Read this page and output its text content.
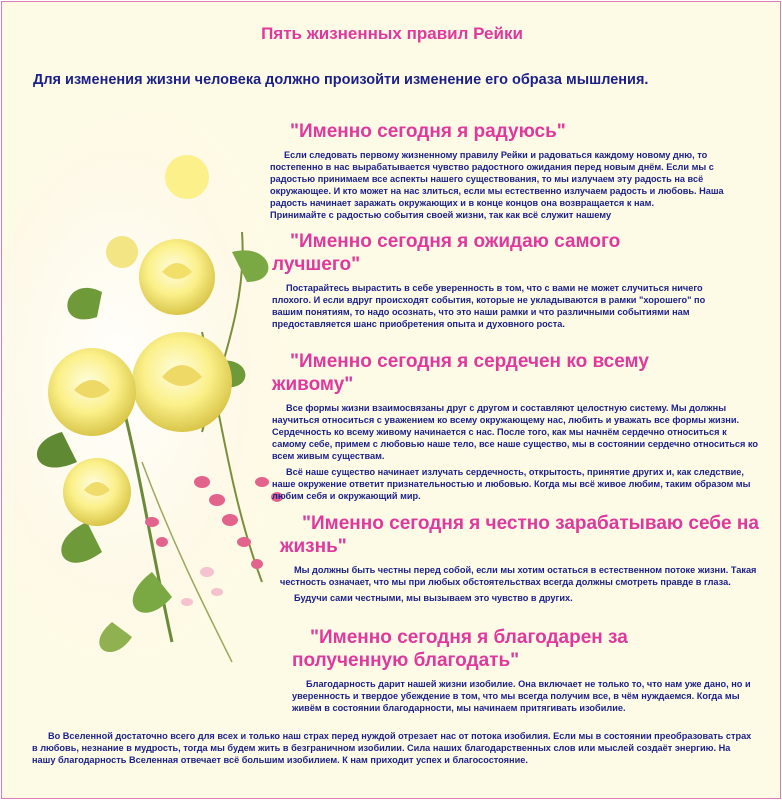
Пять жизненных правил Рейки
Для изменения жизни человека должно произойти изменение его образа мышления.
"Именно сегодня я радуюсь"

Если следовать первому жизненному правилу Рейки и радоваться каждому новому дню, то постепенно в нас вырабатывается чувство радостного ожидания перед новым днём. Если мы с радостью принимаем все аспекты нашего существования, то мы излучаем эту радость на всё окружающее. И кто может на нас злиться, если мы естественно излучаем радость и любовь. Наша радость начинает заражать окружающих и в конце концов она возвращается к нам.

Принимайте с радостью события своей жизни, так как всё служит нашему

"Именно сегодня я ожидаю самого лучшего"

Постарайтесь вырастить в себе уверенность в том, что с вами не может случиться ничего плохого. И если вдруг происходят события, которые не укладываются в рамки "хорошего" по вашим понятиям, то надо осознать, что это наши рамки и что различными событиями нам предоставляется шанс приобретения опыта и духовного роста.

"Именно сегодня я сердечен ко всему живому"

Все формы жизни взаимосвязаны друг с другом и составляют целостную систему. Мы должны научиться относиться с уважением ко всему окружающему нас, любить и уважать все формы жизни. Сердечность ко всему живому начинается с нас. После того, как мы начнём сердечно относиться к самому себе, примем с любовью наше тело, все наше существо, мы в состоянии сердечно относиться ко всем живым существам.

Всё наше существо начинает излучать сердечность, открытость, принятие других и, как следствие, наше окружение ответит признательностью и любовью. Когда мы всё живое любим, таким образом мы любим себя и окружающий мир.

"Именно сегодня я честно зарабатываю себе на жизнь"

Мы должны быть честны перед собой, если мы хотим остаться в естественном потоке жизни. Такая честность означает, что мы при любых обстоятельствах всегда должны смотреть правде в глаза.

Будучи сами честными, мы вызываем это чувство в других.

"Именно сегодня я благодарен за полученную благодать"

Благодарность дарит нашей жизни изобилие. Она включает не только то, что нам уже дано, но и уверенность и твердое убеждение в том, что мы всегда получим все, в чём нуждаемся. Когда мы живём в состоянии благодарности, мы начинаем притягивать изобилие.

Во Вселенной достаточно всего для всех и только наш страх перед нуждой отрезает нас от потока изобилия. Если мы в состоянии преобразовать страх в любовь, незнание в мудрость, тогда мы будем жить в безграничном изобилии. Сила наших благодарственных слов или мыслей создаёт энергию. На нашу благодарность Вселенная отвечает всё большим изобилием. К нам приходит успех и благосостояние.
